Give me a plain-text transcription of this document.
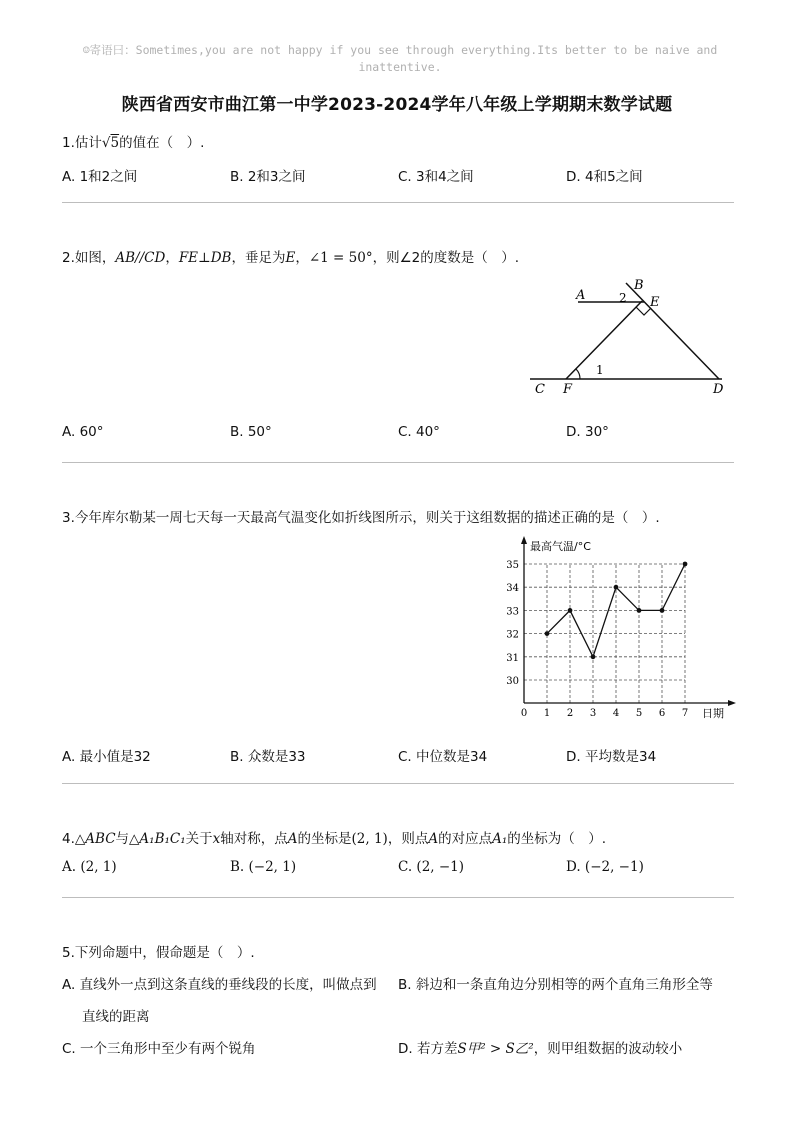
☺寄语曰：Sometimes,you are not happy if you see through everything.Its better to be naive and
inattentive.
陕西省西安市曲江第一中学2023-2024学年八年级上学期期末数学试题
1.估计√5的值在（　）.
A. 1和2之间	B. 2和3之间	C. 3和4之间	D. 4和5之间
2.如图，AB//CD，FE⊥DB，垂足为E，∠1 = 50°，则∠2的度数是（　）.
A
B
E
C F	D
1
2
A. 60°	B. 50°	C. 40°	D. 30°
3.今年库尔勒某一周七天每一天最高气温变化如折线图所示，则关于这组数据的描述正确的是（　）.
30
31
32
33
34
35
0 1 2 3 4 5 6 7
最高气温/°C
日期
A. 最小值是32	B. 众数是33	C. 中位数是34	D. 平均数是34
4.△ABC与△A₁B₁C₁关于x轴对称，点A的坐标是(2, 1)，则点A的对应点A₁的坐标为（　）.
A. (2, 1)	B. (−2, 1)	C. (2, −1)	D. (−2, −1)
5.下列命题中，假命题是（　）.
A. 直线外一点到这条直线的垂线段的长度，叫做点到
直线的距离
B. 斜边和一条直角边分别相等的两个直角三角形全等
C. 一个三角形中至少有两个锐角	D. 若方差S甲² > S乙²，则甲组数据的波动较小
